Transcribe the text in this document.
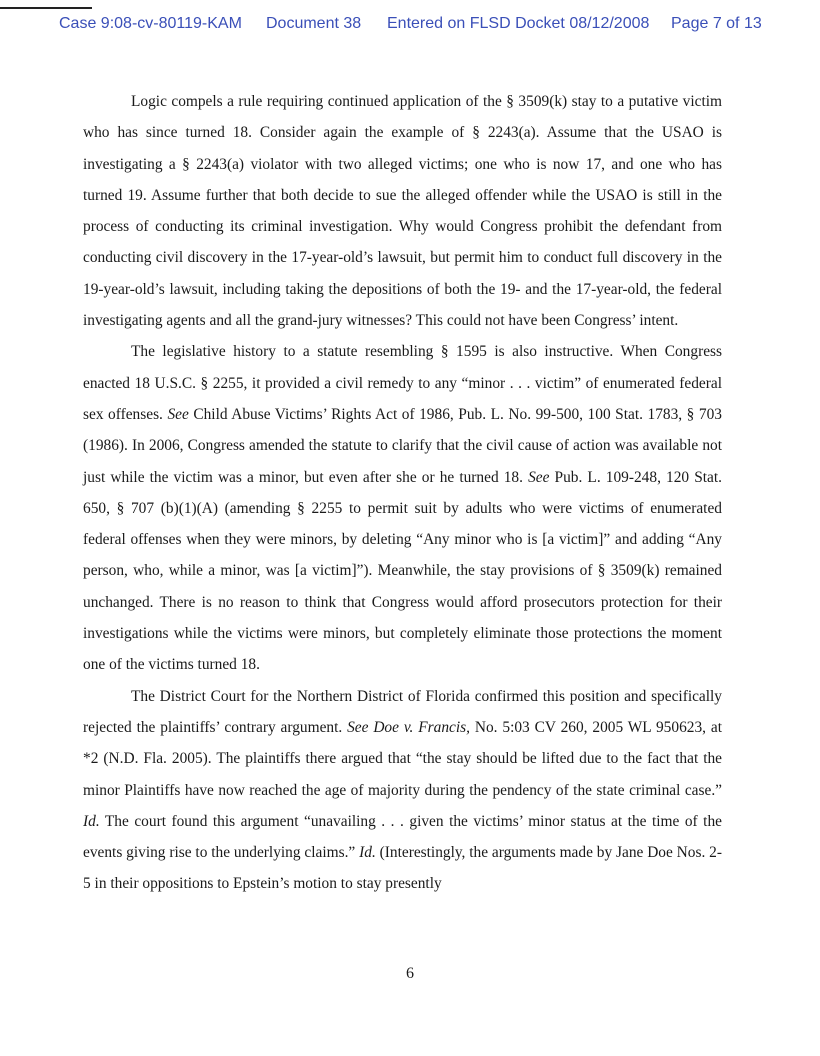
Case 9:08-cv-80119-KAM Document 38 Entered on FLSD Docket 08/12/2008 Page 7 of 13

Logic compels a rule requiring continued application of the § 3509(k) stay to a putative victim who has since turned 18. Consider again the example of § 2243(a). Assume that the USAO is investigating a § 2243(a) violator with two alleged victims; one who is now 17, and one who has turned 19. Assume further that both decide to sue the alleged offender while the USAO is still in the process of conducting its criminal investigation. Why would Congress prohibit the defendant from conducting civil discovery in the 17-year-old’s lawsuit, but permit him to conduct full discovery in the 19-year-old’s lawsuit, including taking the depositions of both the 19- and the 17-year-old, the federal investigating agents and all the grand-jury witnesses? This could not have been Congress’ intent.

The legislative history to a statute resembling § 1595 is also instructive. When Congress enacted 18 U.S.C. § 2255, it provided a civil remedy to any “minor . . . victim” of enumerated federal sex offenses. See Child Abuse Victims’ Rights Act of 1986, Pub. L. No. 99-500, 100 Stat. 1783, § 703 (1986). In 2006, Congress amended the statute to clarify that the civil cause of action was available not just while the victim was a minor, but even after she or he turned 18. See Pub. L. 109-248, 120 Stat. 650, § 707 (b)(1)(A) (amending § 2255 to permit suit by adults who were victims of enumerated federal offenses when they were minors, by deleting “Any minor who is [a victim]” and adding “Any person, who, while a minor, was [a victim]”). Meanwhile, the stay provisions of § 3509(k) remained unchanged. There is no reason to think that Congress would afford prosecutors protection for their investigations while the victims were minors, but completely eliminate those protections the moment one of the victims turned 18.

The District Court for the Northern District of Florida confirmed this position and specifically rejected the plaintiffs’ contrary argument. See Doe v. Francis, No. 5:03 CV 260, 2005 WL 950623, at *2 (N.D. Fla. 2005). The plaintiffs there argued that “the stay should be lifted due to the fact that the minor Plaintiffs have now reached the age of majority during the pendency of the state criminal case.” Id. The court found this argument “unavailing . . . given the victims’ minor status at the time of the events giving rise to the underlying claims.” Id. (Interestingly, the arguments made by Jane Doe Nos. 2-5 in their oppositions to Epstein’s motion to stay presently

6
